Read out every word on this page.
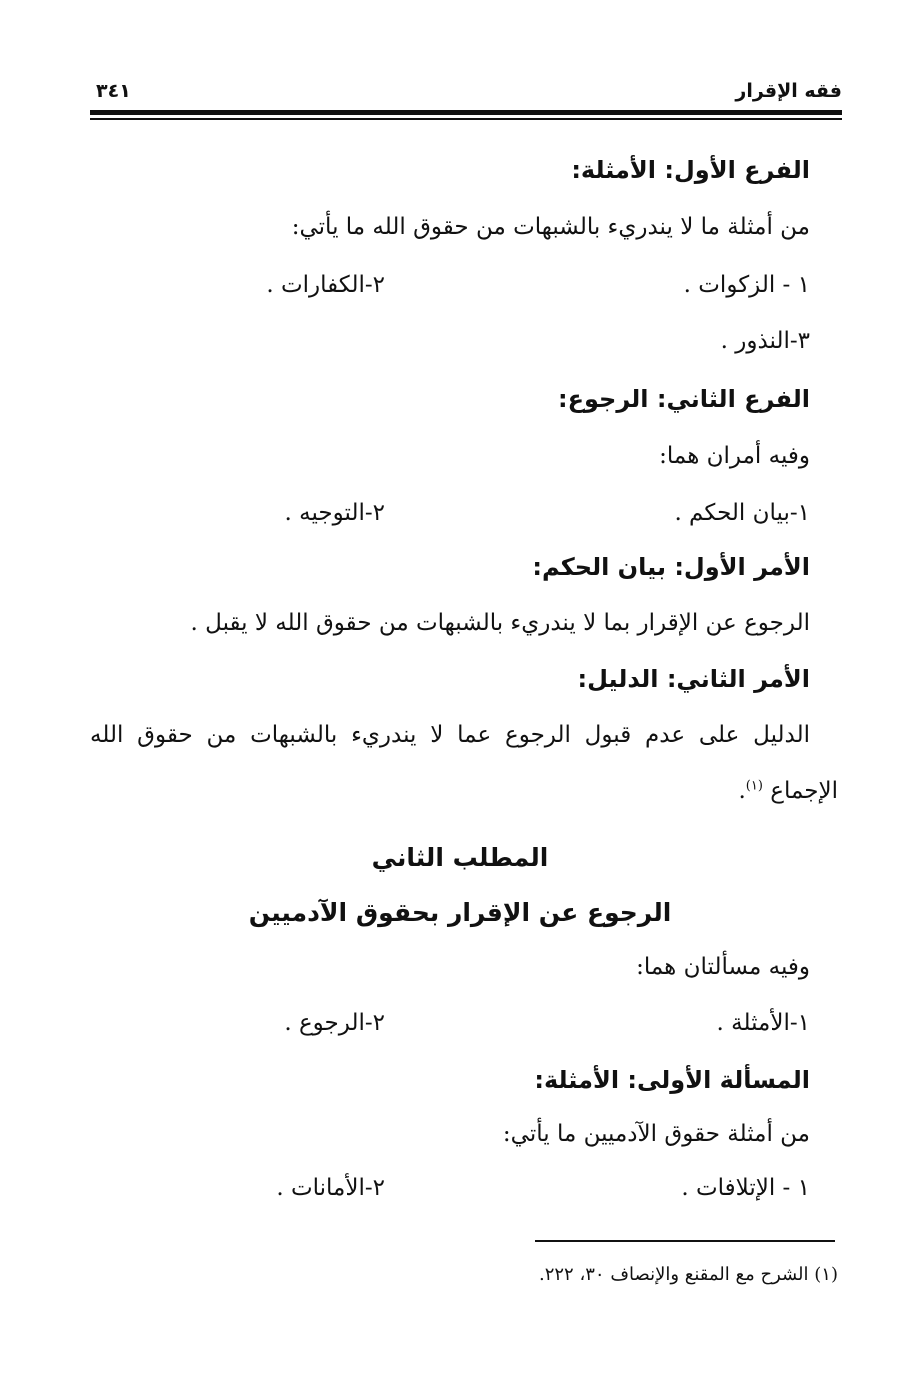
فقه الإقرار
٣٤١
الفرع الأول: الأمثلة:
من أمثلة ما لا يندريء بالشبهات من حقوق الله ما يأتي:
١ - الزكوات .
٢-الكفارات .
٣-النذور .
الفرع الثاني: الرجوع:
وفيه أمران هما:
١-بيان الحكم .
٢-التوجيه .
الأمر الأول: بيان الحكم:
الرجوع عن الإقرار بما لا يندريء بالشبهات من حقوق الله لا يقبل .
الأمر الثاني: الدليل:
الدليل على عدم قبول الرجوع عما لا يندريء بالشبهات من حقوق الله
الإجماع $^{(١)}$.
المطلب الثاني
الرجوع عن الإقرار بحقوق الآدميين
وفيه مسألتان هما:
١-الأمثلة .
٢-الرجوع .
المسألة الأولى: الأمثلة:
من أمثلة حقوق الآدميين ما يأتي:
١ - الإتلافات .
٢-الأمانات .
(١) الشرح مع المقنع والإنصاف ٣٠، ٢٢٢.
